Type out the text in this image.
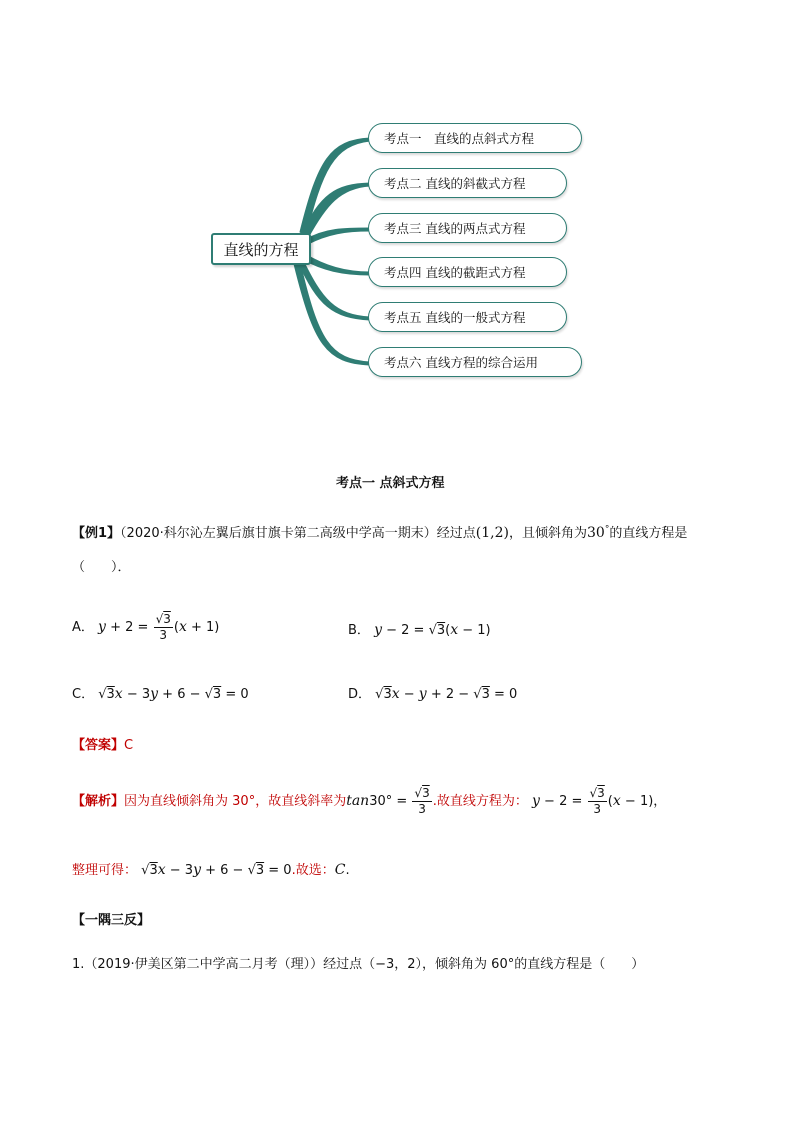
直线的方程
考点一　直线的点斜式方程
考点二 直线的斜截式方程
考点三 直线的两点式方程
考点四 直线的截距式方程
考点五 直线的一般式方程
考点六 直线方程的综合运用
考点一 点斜式方程
【例1】（2020·科尔沁左翼后旗甘旗卡第二高级中学高一期末）经过点(1,2)，且倾斜角为30°的直线方程是
（　　）．
A． $y + 2 = \frac{√3}{3} (x + 1)$	B． y − 2 = √3(x − 1)
C． √3x − 3y + 6 − √3 = 0	D． √3x − y + 2 − √3 = 0
【答案】C
【解析】因为直线倾斜角为 30°，故直线斜率为$\tan 30^\circ = \frac{√3}{3}$ .故直线方程为： $y - 2 = \frac{√3}{3} (x - 1)$，
整理可得： √3x − 3y + 6 − √3 = 0.故选：C.
【一隅三反】
1.（2019·伊美区第二中学高二月考（理））经过点（−3，2），倾斜角为 60°的直线方程是（　　）
